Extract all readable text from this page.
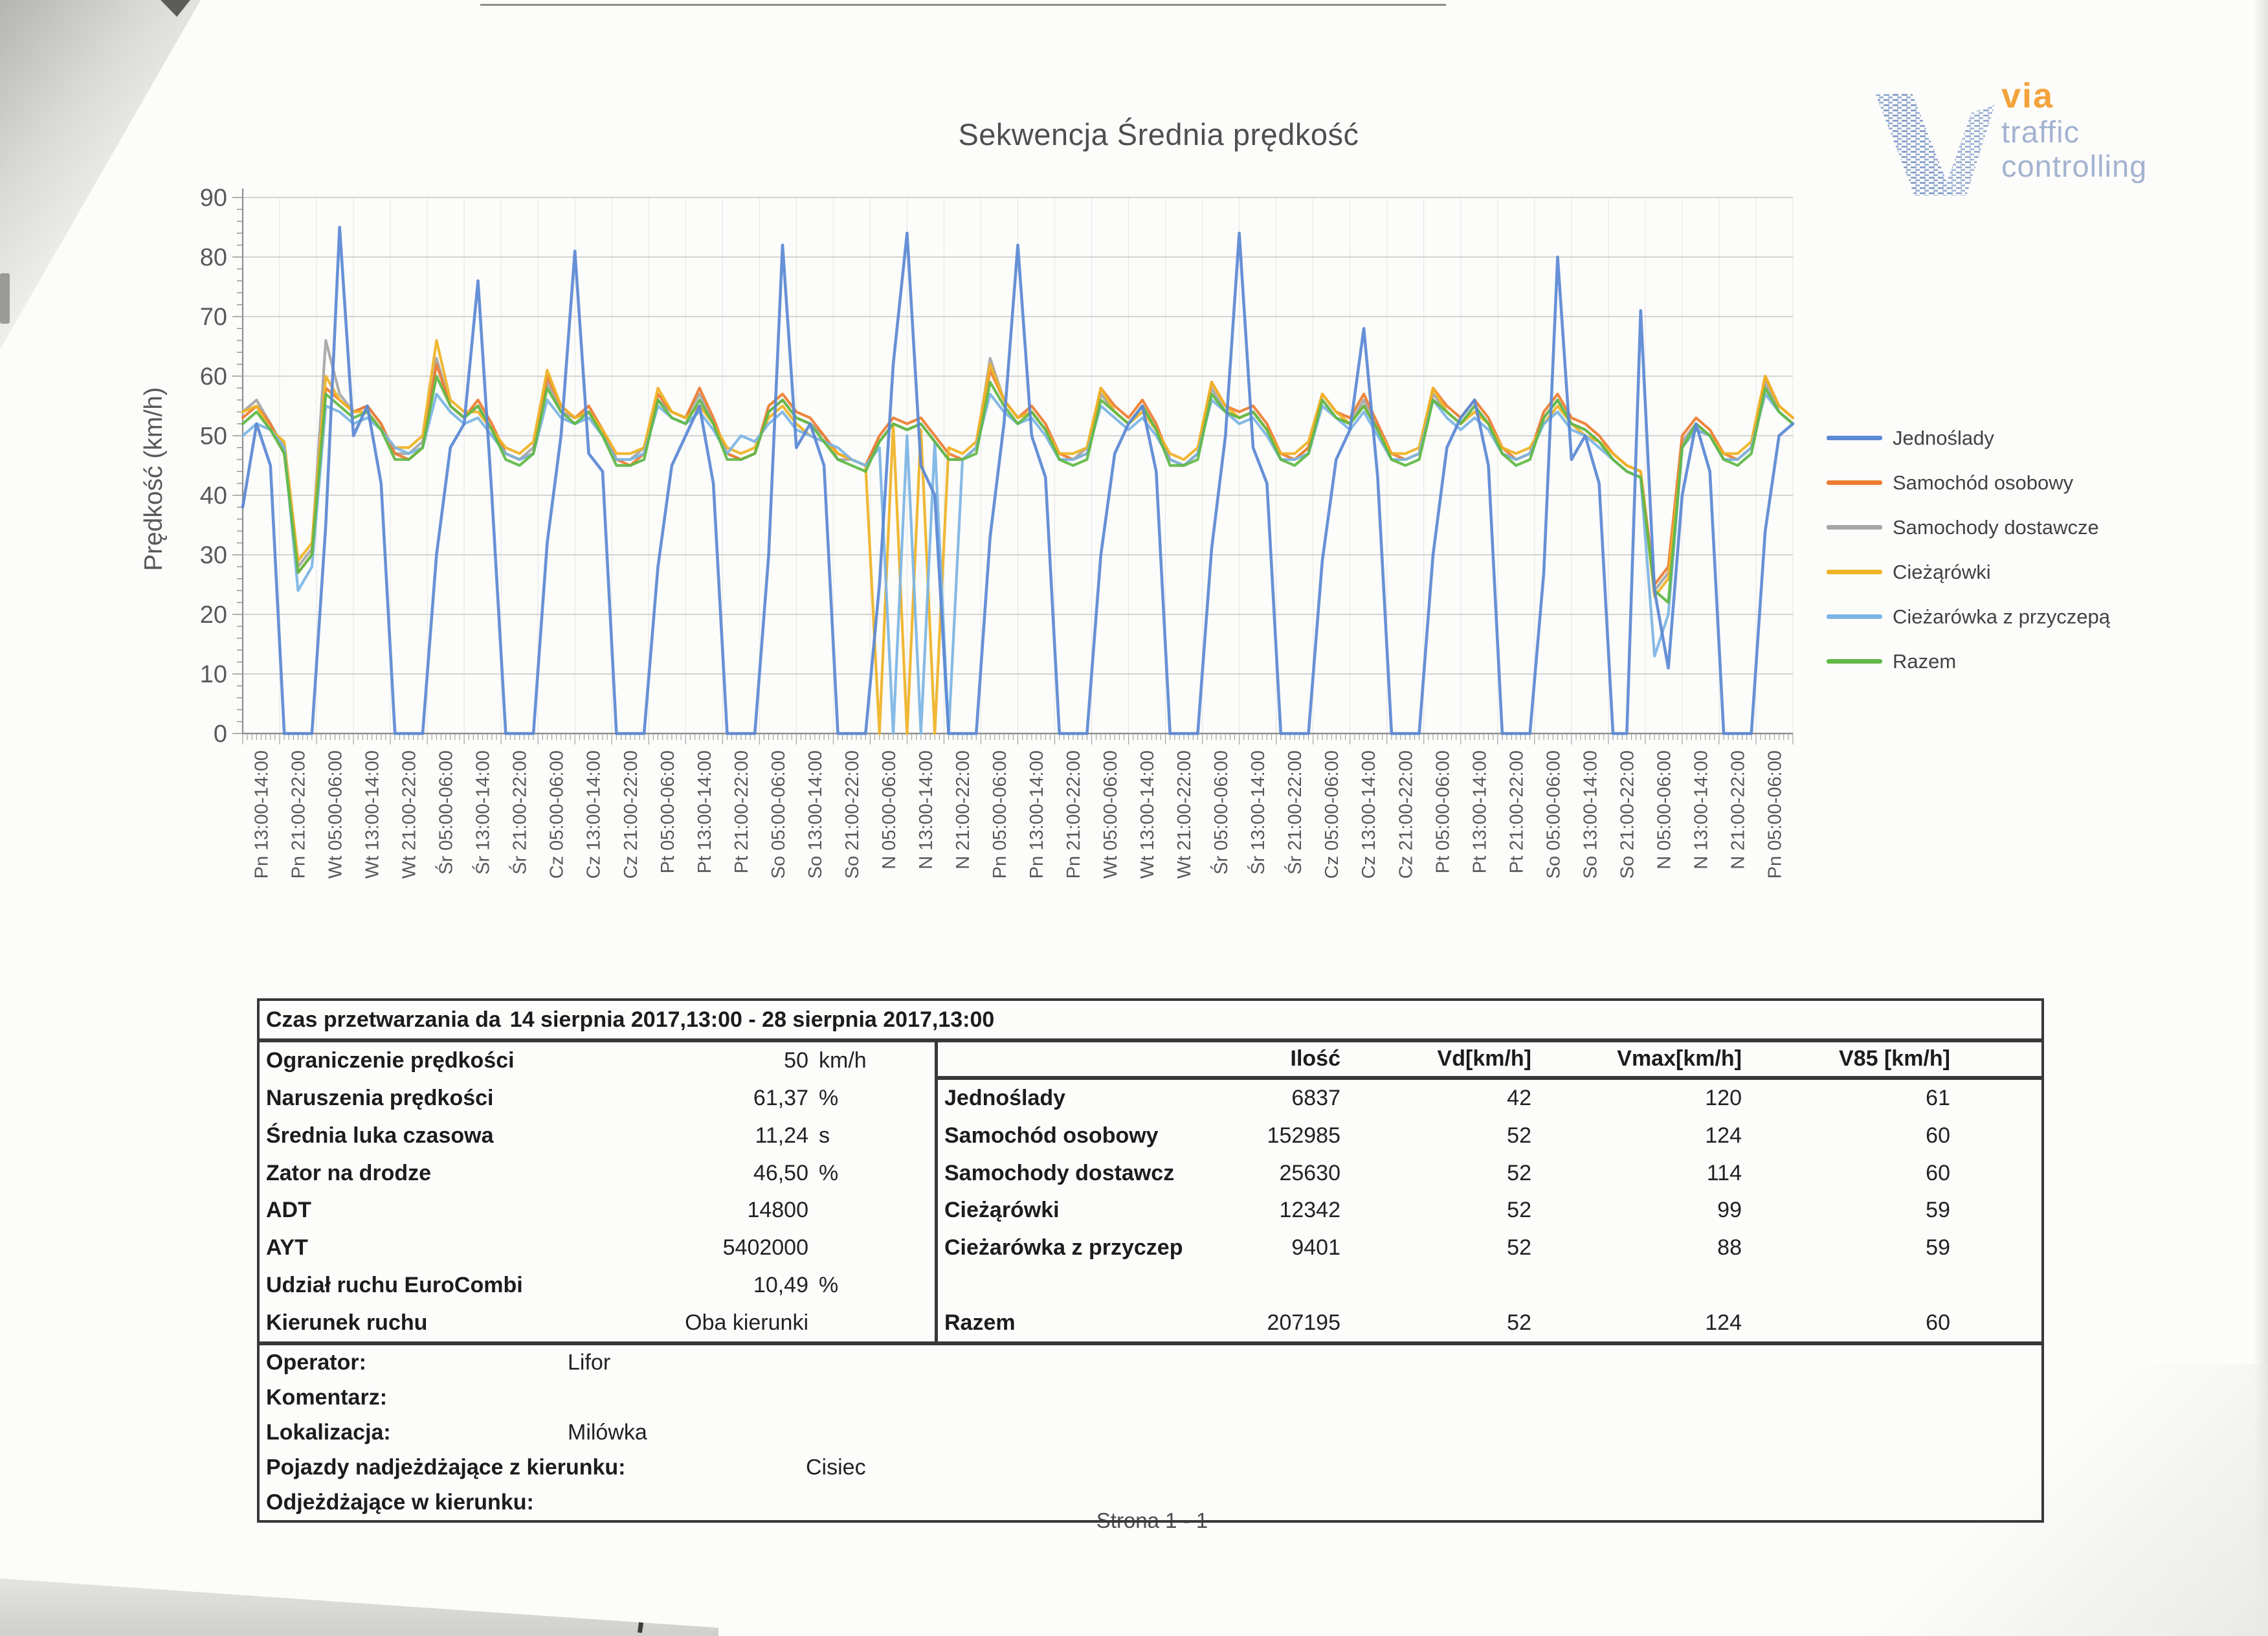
Sekwencja Średnia prędkość
Prędkość (km/h)
0
10
20
30
40
50
60
70
80
90
Pn 13:00-14:00 Pn 21:00-22:00 Wt 05:00-06:00 Wt 13:00-14:00 Wt 21:00-22:00 Śr 05:00-06:00 Śr 13:00-14:00 Śr 21:00-22:00 Cz 05:00-06:00 Cz 13:00-14:00 Cz 21:00-22:00 Pt 05:00-06:00 Pt 13:00-14:00 Pt 21:00-22:00 So 05:00-06:00 So 13:00-14:00 So 21:00-22:00 N 05:00-06:00 N 13:00-14:00 N 21:00-22:00 Pn 05:00-06:00 Pn 13:00-14:00 Pn 21:00-22:00 Wt 05:00-06:00 Wt 13:00-14:00 Wt 21:00-22:00 Śr 05:00-06:00 Śr 13:00-14:00 Śr 21:00-22:00 Cz 05:00-06:00 Cz 13:00-14:00 Cz 21:00-22:00 Pt 05:00-06:00 Pt 13:00-14:00 Pt 21:00-22:00 So 05:00-06:00 So 13:00-14:00 So 21:00-22:00 N 05:00-06:00 N 13:00-14:00 N 21:00-22:00 Pn 05:00-06:00
Jednoślady
Samochód osobowy
Samochody dostawcze
Cieżąrówki
Cieżarówka z przyczepą
Razem
via
traffic
controlling
Strona 1 - 1
Czas przetwarzania da 14 sierpnia 2017,13:00 - 28 sierpnia 2017,13:00
Ograniczenie prędkości	50 km/h
Naruszenia prędkości	61,37 %
Średnia luka czasowa	11,24 s
Zator na drodze	46,50 %
ADT	14800
AYT	5402000
Udział ruchu EuroCombi	10,49 %
Kierunek ruchu	Oba kierunki
Ilość	Vd[km/h]	Vmax[km/h]	V85 [km/h]
Jednoślady	6837	42	120	61
Samochód osobowy	152985	52	124	60
Samochody dostawcz	25630	52	114	60
Cieżąrówki	12342	52	99	59
Cieżarówka z przyczep	9401	52	88	59
Razem	207195	52	124	60
Operator:	Lifor
Komentarz:
Lokalizacja:	Milówka
Pojazdy nadjeżdżające z kierunku:	Cisiec
Odjeżdżające w kierunku:
